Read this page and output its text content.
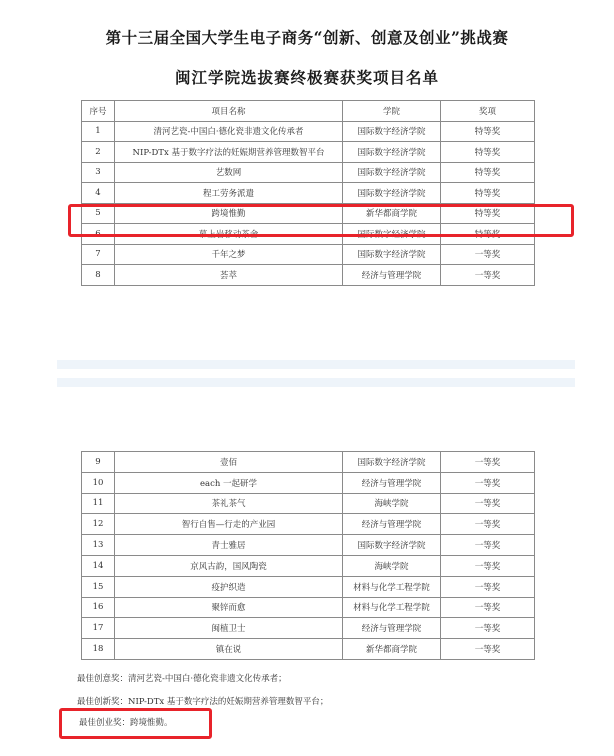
第十三届全国大学生电子商务“创新、创意及创业”挑战赛
闽江学院选拔赛终极赛获奖项目名单
序号	项目名称	学院	奖项
1	清河艺瓷-中国白·德化瓷非遗文化传承者	国际数字经济学院	特等奖
2	NIP-DTx 基于数字疗法的妊娠期营养管理数智平台	国际数字经济学院	特等奖
3	艺数网	国际数字经济学院	特等奖
4	程工劳务派遣	国际数字经济学院	特等奖
5	跨境惟勤	新华都商学院	特等奖
6	慕上岩移动茶舍	国际数字经济学院	特等奖
7	千年之梦	国际数字经济学院	一等奖
8	荟萃	经济与管理学院	一等奖
9	壹佰	国际数字经济学院	一等奖
10	each 一起研学	经济与管理学院	一等奖
11	茶礼茶气	海峡学院	一等奖
12	智行自售—行走的产业园	经济与管理学院	一等奖
13	青士雅居	国际数字经济学院	一等奖
14	京风古韵，国风陶瓷	海峡学院	一等奖
15	疫护织造	材料与化学工程学院	一等奖
16	聚锌而愈	材料与化学工程学院	一等奖
17	闽植卫士	经济与管理学院	一等奖
18	镇在说	新华都商学院	一等奖
最佳创意奖：清河艺瓷-中国白·德化瓷非遗文化传承者；
最佳创新奖：NIP-DTx 基于数字疗法的妊娠期营养管理数智平台；
最佳创业奖：跨境惟勤。
